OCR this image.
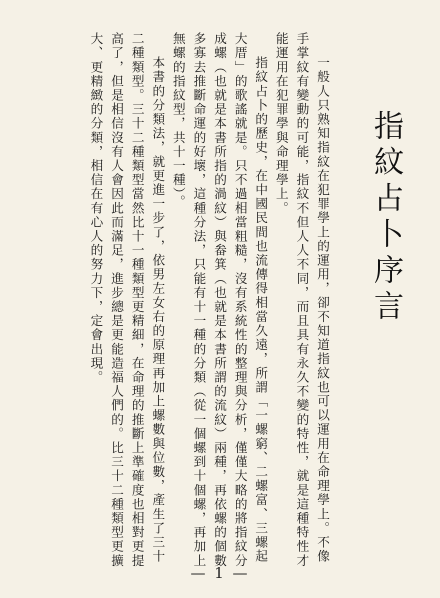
指紋占卜序言
一般人只熟知指紋在犯罪學上的運用，卻不知道指紋也可以運用在命理學上。不像
手掌紋有變動的可能，指紋不但人人不同，而且具有永久不變的特性，就是這種特性才
能運用在犯罪學與命理學上。
指紋占卜的歷史，在中國民間也流傳得相當久遠，所謂「一螺窮、二螺富、三螺起
大厝」的歌謠就是。只不過相當粗糙，沒有系統性的整理與分析，僅僅大略的將指紋分
成螺（也就是本書所指的渦紋）與畚箕（也就是本書所謂的流紋）兩種，再依螺的個數
多寡去推斷命運的好壞，這種分法，只能有十一種的分類（從一個螺到十個螺，再加上
無螺的指紋型，共十一種）。
本書的分類法，就更進一步了，依男左女右的原理再加上螺數與位數，產生了三十
二種類型。三十二種類型當然比十一種類型更精細，在命理的推斷上準確度也相對更提
高了，但是相信沒有人會因此而滿足，進步總是更能造福人們的。比三十二種類型更擴
大、更精緻的分類，相信在有心人的努力下，定會出現。
— 1 —
